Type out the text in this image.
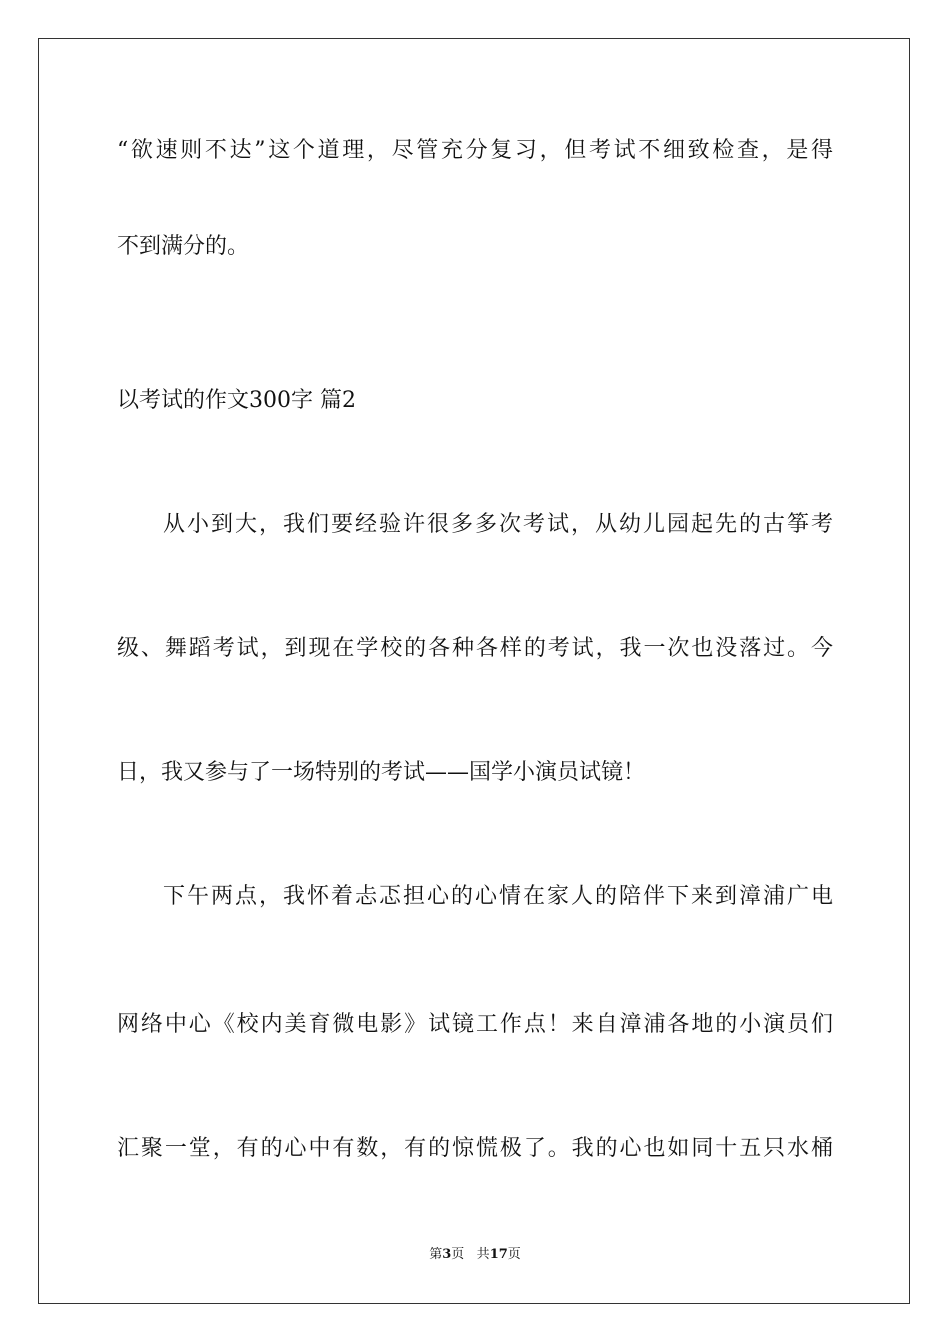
“欲速则不达”这个道理，尽管充分复习，但考试不细致检查，是得
不到满分的。
以考试的作文300字 篇2
从小到大，我们要经验许很多多次考试，从幼儿园起先的古筝考
级、舞蹈考试，到现在学校的各种各样的考试，我一次也没落过。今
日，我又参与了一场特别的考试——国学小演员试镜！
下午两点，我怀着忐忑担心的心情在家人的陪伴下来到漳浦广电
网络中心《校内美育微电影》试镜工作点！来自漳浦各地的小演员们
汇聚一堂，有的心中有数，有的惊慌极了。我的心也如同十五只水桶
第3页 共17页
